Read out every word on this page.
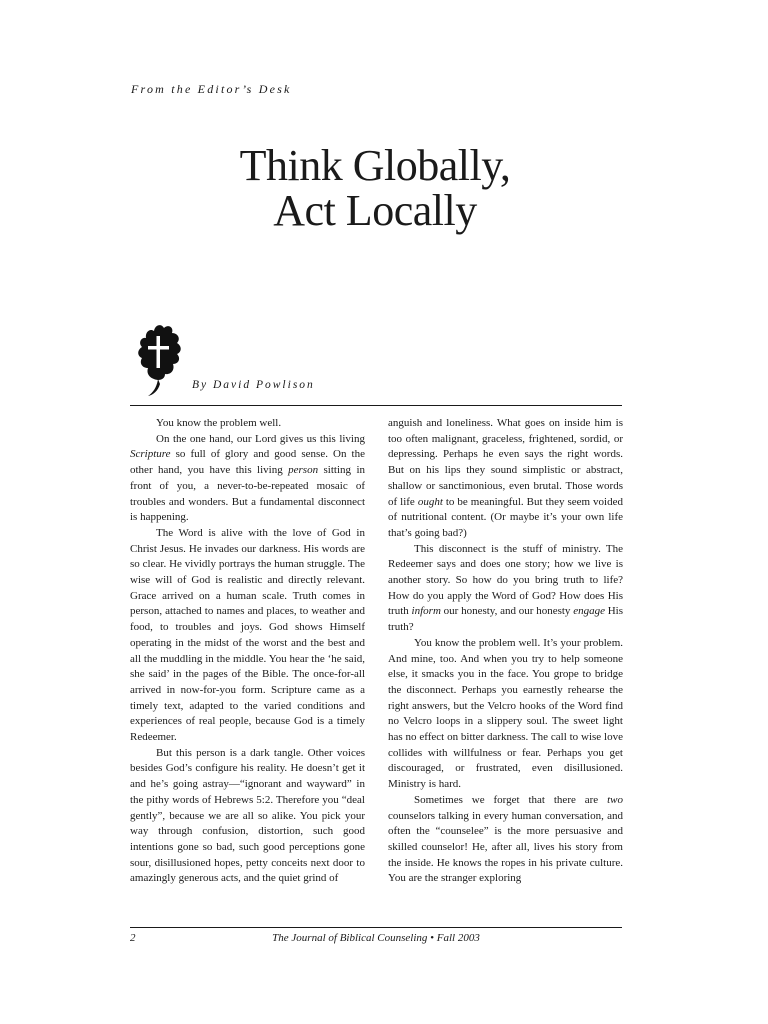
From the Editor’s Desk
Think Globally,
Act Locally
By David Powlison

You know the problem well.

On the one hand, our Lord gives us this living Scripture so full of glory and good sense. On the other hand, you have this living person sitting in front of you, a never-to-be-repeated mosaic of troubles and wonders. But a fundamental disconnect is happening.

The Word is alive with the love of God in Christ Jesus. He invades our darkness. His words are so clear. He vividly portrays the human struggle. The wise will of God is realistic and directly relevant. Grace arrived on a human scale. Truth comes in person, attached to names and places, to weather and food, to troubles and joys. God shows Himself operating in the midst of the worst and the best and all the muddling in the middle. You hear the ‘he said, she said’ in the pages of the Bible. The once-for-all arrived in now-for-you form. Scripture came as a timely text, adapted to the varied conditions and experiences of real people, because God is a timely Redeemer.

But this person is a dark tangle. Other voices besides God’s configure his reality. He doesn’t get it and he’s going astray—“ignorant and wayward” in the pithy words of Hebrews 5:2. Therefore you “deal gently”, because we are all so alike. You pick your way through confusion, distortion, such good intentions gone so bad, such good perceptions gone sour, disillusioned hopes, petty conceits next door to amazingly generous acts, and the quiet grind of

anguish and loneliness. What goes on inside him is too often malignant, graceless, frightened, sordid, or depressing. Perhaps he even says the right words. But on his lips they sound simplistic or abstract, shallow or sanctimonious, even brutal. Those words of life ought to be meaningful. But they seem voided of nutritional content. (Or maybe it’s your own life that’s going bad?)

This disconnect is the stuff of ministry. The Redeemer says and does one story; how we live is another story. So how do you bring truth to life? How do you apply the Word of God? How does His truth inform our honesty, and our honesty engage His truth?

You know the problem well. It’s your problem. And mine, too. And when you try to help someone else, it smacks you in the face. You grope to bridge the disconnect. Perhaps you earnestly rehearse the right answers, but the Velcro hooks of the Word find no Velcro loops in a slippery soul. The sweet light has no effect on bitter darkness. The call to wise love collides with willfulness or fear. Perhaps you get discouraged, or frustrated, even disillusioned. Ministry is hard.

Sometimes we forget that there are two counselors talking in every human conversation, and often the “counselee” is the more persuasive and skilled counselor! He, after all, lives his story from the inside. He knows the ropes in his private culture. You are the stranger exploring

2	The Journal of Biblical Counseling • Fall 2003
